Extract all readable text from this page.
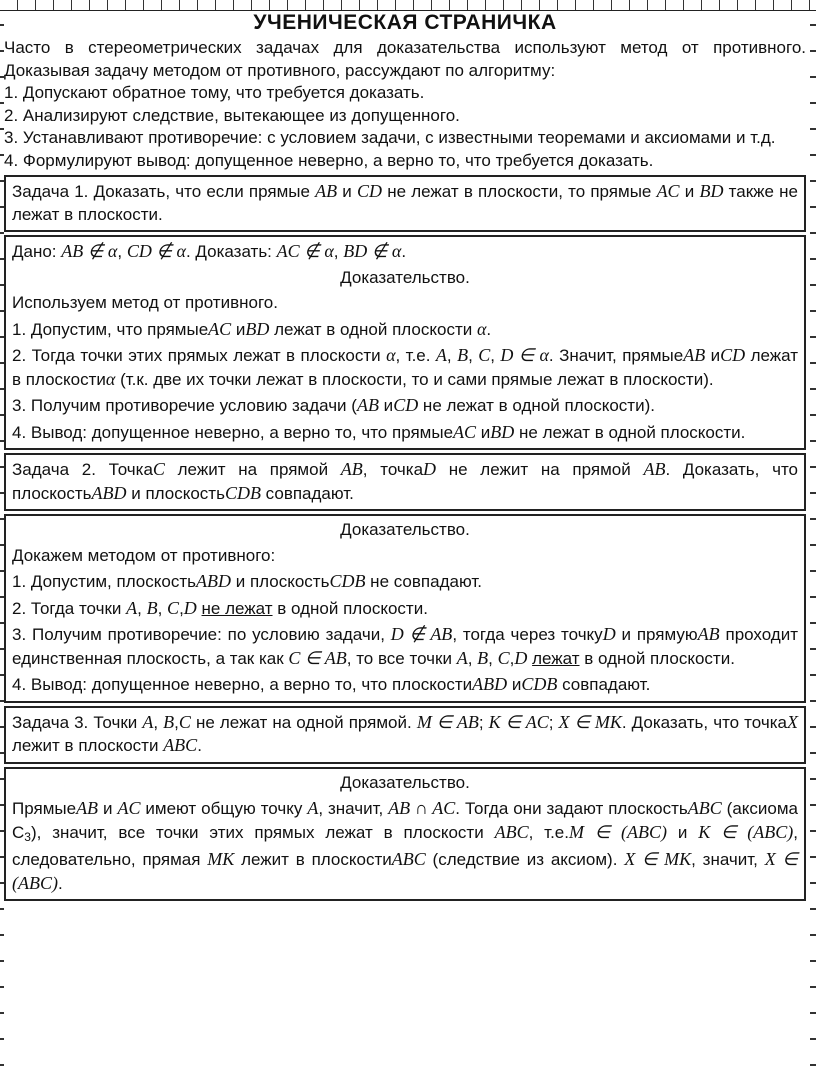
УЧЕНИЧЕСКАЯ СТРАНИЧКА

Часто в стереометрических задачах для доказательства используют метод от противного. Доказывая задачу методом от противного, рассуждают по алгоритму:

1. Допускают обратное тому, что требуется доказать.

2. Анализируют следствие, вытекающее из допущенного.

3. Устанавливают противоречие: с условием задачи, с известными теоремами и аксиомами и т.д.

4. Формулируют вывод: допущенное неверно, а верно то, что требуется доказать.

Задача 1. Доказать, что если прямые AB и CD не лежат в плоскости, то прямые AC и BD также не лежат в плоскости.

Дано: AB ∉ α, CD ∉ α. Доказать: AC ∉ α, BD ∉ α.

Доказательство.

Используем метод от противного.

1. Допустим, что прямыеAC иBD лежат в одной плоскости α.

2. Тогда точки этих прямых лежат в плоскости α, т.е. A, B, C, D ∈ α. Значит, прямыеAB иCD лежат в плоскостиα (т.к. две их точки лежат в плоскости, то и сами прямые лежат в плоскости).

3. Получим противоречие условию задачи (AB иCD не лежат в одной плоскости).

4. Вывод: допущенное неверно, а верно то, что прямыеAC иBD не лежат в одной плоскости.

Задача 2. ТочкаC лежит на прямой AB, точкаD не лежит на прямой AB. Доказать, что плоскостьABD и плоскостьCDB совпадают.

Доказательство.

Докажем методом от противного:

1. Допустим, плоскостьABD и плоскостьCDB не совпадают.

2. Тогда точки A, B, C,D не лежат в одной плоскости.

3. Получим противоречие: по условию задачи, D ∉ AB, тогда через точкуD и прямуюAB проходит единственная плоскость, а так как C ∈ AB, то все точки A, B, C,D лежат в одной плоскости.

4. Вывод: допущенное неверно, а верно то, что плоскостиABD иCDB совпадают.

Задача 3. Точки A, B,C не лежат на одной прямой. M ∈ AB; K ∈ AC; X ∈ MK. Доказать, что точкаX лежит в плоскости ABC.

Доказательство.

ПрямыеAB и AC имеют общую точку A, значит, AB ∩ AC. Тогда они задают плоскостьABC (аксиома $С_3$), значит, все точки этих прямых лежат в плоскости ABC, т.е.M ∈ (ABC) и K ∈ (ABC), следовательно, прямая MK лежит в плоскостиABC (следствие из аксиом). X ∈ MK, значит, X ∈ (ABC).
